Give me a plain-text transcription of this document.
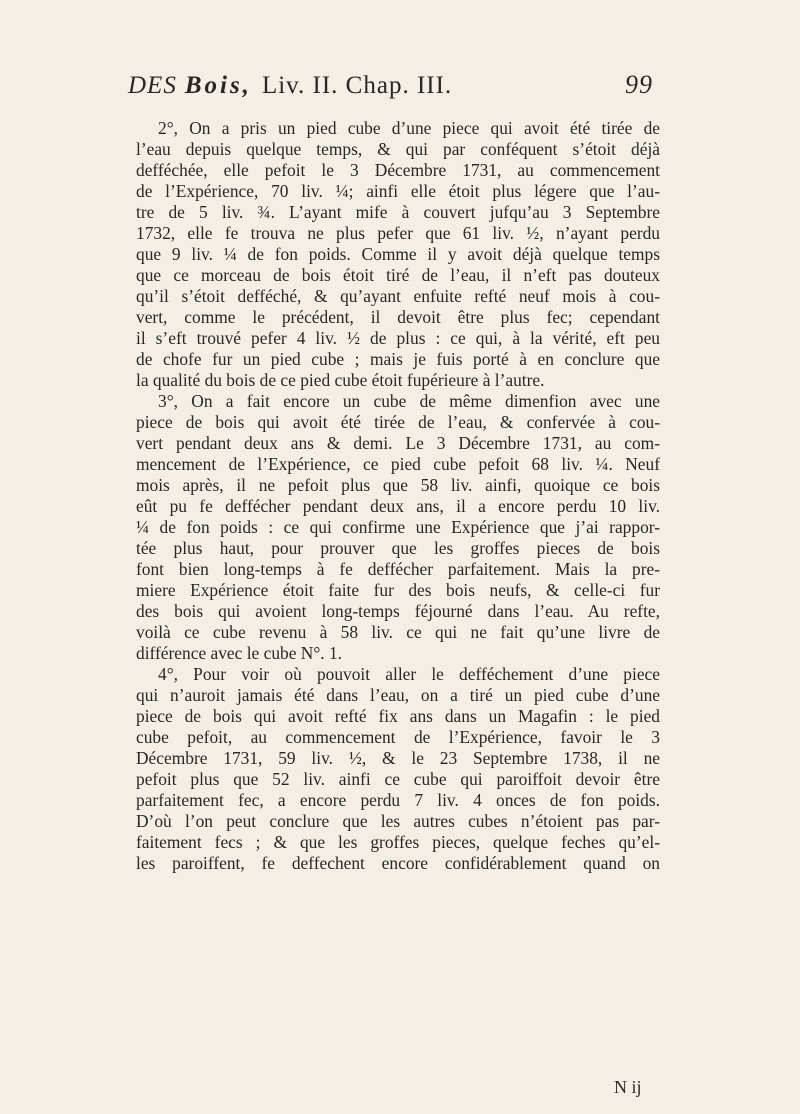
DES Bois, Liv. II. Chap. III.	99
2°, On a pris un pied cube d’une piece qui avoit été tirée de
l’eau depuis quelque temps, & qui par conféquent s’étoit déjà
defféchée, elle pefoit le 3 Décembre 1731, au commencement
de l’Expérience, 70 liv. ¼; ainfi elle étoit plus légere que l’au-
tre de 5 liv. ¾. L’ayant mife à couvert jufqu’au 3 Septembre
1732, elle fe trouva ne plus pefer que 61 liv. ½, n’ayant perdu
que 9 liv. ¼ de fon poids. Comme il y avoit déjà quelque temps
que ce morceau de bois étoit tiré de l’eau, il n’eft pas douteux
qu’il s’étoit defféché, & qu’ayant enfuite refté neuf mois à cou-
vert, comme le précédent, il devoit être plus fec; cependant
il s’eft trouvé pefer 4 liv. ½ de plus : ce qui, à la vérité, eft peu
de chofe fur un pied cube ; mais je fuis porté à en conclure que
la qualité du bois de ce pied cube étoit fupérieure à l’autre.
3°, On a fait encore un cube de même dimenfion avec une
piece de bois qui avoit été tirée de l’eau, & confervée à cou-
vert pendant deux ans & demi. Le 3 Décembre 1731, au com-
mencement de l’Expérience, ce pied cube pefoit 68 liv. ¼. Neuf
mois après, il ne pefoit plus que 58 liv. ainfi, quoique ce bois
eût pu fe deffécher pendant deux ans, il a encore perdu 10 liv.
¼ de fon poids : ce qui confirme une Expérience que j’ai rappor-
tée plus haut, pour prouver que les groffes pieces de bois
font bien long-temps à fe deffécher parfaitement. Mais la pre-
miere Expérience étoit faite fur des bois neufs, & celle-ci fur
des bois qui avoient long-temps féjourné dans l’eau. Au refte,
voilà ce cube revenu à 58 liv. ce qui ne fait qu’une livre de
différence avec le cube N°. 1.
4°, Pour voir où pouvoit aller le defféchement d’une piece
qui n’auroit jamais été dans l’eau, on a tiré un pied cube d’une
piece de bois qui avoit refté fix ans dans un Magafin : le pied
cube pefoit, au commencement de l’Expérience, favoir le 3
Décembre 1731, 59 liv. ½, & le 23 Septembre 1738, il ne
pefoit plus que 52 liv. ainfi ce cube qui paroiffoit devoir être
parfaitement fec, a encore perdu 7 liv. 4 onces de fon poids.
D’où l’on peut conclure que les autres cubes n’étoient pas par-
faitement fecs ; & que les groffes pieces, quelque feches qu’el-
les paroiffent, fe deffechent encore confidérablement quand on
N ij
